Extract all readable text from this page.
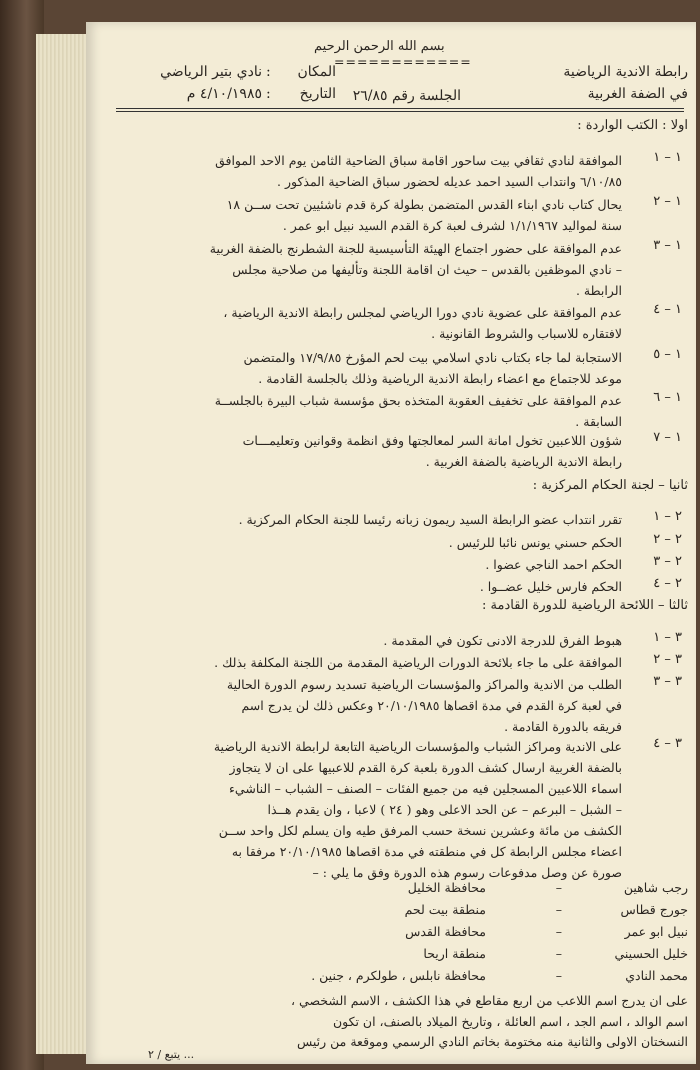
بسم الله الرحمن الرحيم
============
رابطة الاندية الرياضية
في الضفة الغربية
الجلسة رقم ٢٦/٨٥
المكان
:
نادي بتير الرياضي
التاريخ
:
٤/١٠/١٩٨٥ م
اولا : الكتب الواردة :
١ – ١
الموافقة لنادي ثقافي بيت ساحور اقامة سباق الضاحية الثامن يوم الاحد الموافق
٦/١٠/٨٥ وانتداب السيد احمد عديله لحضور سباق الضاحية المذكور .
١ – ٢
يحال كتاب نادي ابناء القدس المتضمن بطولة كرة قدم ناشئيين تحت ســن ١٨
سنة لمواليد ١/١/١٩٦٧ لشرف لعبة كرة القدم السيد نبيل ابو عمر .
١ – ٣
عدم الموافقة على حضور اجتماع الهيئة التأسيسية للجنة الشطرنج بالضفة الغربية
– نادي الموظفين بالقدس – حيث ان اقامة اللجنة وتأليفها من صلاحية مجلس
الرابطة .
١ – ٤
عدم الموافقة على عضوية نادي دورا الرياضي لمجلس رابطة الاندية الرياضية ،
لافتقاره للاسباب والشروط القانونية .
١ – ٥
الاستجابة لما جاء بكتاب نادي اسلامي بيت لحم المؤرخ ١٧/٩/٨٥ والمتضمن
موعد للاجتماع مع اعضاء رابطة الاندية الرياضية وذلك بالجلسة القادمة .
١ – ٦
عدم الموافقة على تخفيف العقوبة المتخذه بحق مؤسسة شباب البيرة بالجلســة
السابقة .
١ – ٧
شؤون اللاعبين تخول امانة السر لمعالجتها وفق انظمة وقوانين وتعليمـــات
رابطة الاندية الرياضية بالضفة الغربية .
ثانيا – لجنة الحكام المركزية :
٢ – ١
تقرر انتداب عضو الرابطة السيد ريمون زبانه رئيسا للجنة الحكام المركزية .
٢ – ٢
الحكم حسني يونس نائبا للرئيس .
٢ – ٣
الحكم احمد الناجي عضوا .
٢ – ٤
الحكم فارس خليل عضــوا .
ثالثا – اللائحة الرياضية للدورة القادمة :
٣ – ١
هبوط الفرق للدرجة الادنى تكون في المقدمة .
٣ – ٢
الموافقة على ما جاء بلائحة الدورات الرياضية المقدمة من اللجنة المكلفة بذلك .
٣ – ٣
الطلب من الاندية والمراكز والمؤسسات الرياضية تسديد رسوم الدورة الحالية
في لعبة كرة القدم في مدة اقصاها ٢٠/١٠/١٩٨٥ وعكس ذلك لن يدرج اسم
فريقه بالدورة القادمة .
٣ – ٤
على الاندية ومراكز الشباب والمؤسسات الرياضية التابعة لرابطة الاندية الرياضية
بالضفة الغربية ارسال كشف الدورة بلعبة كرة القدم للاعبيها على ان لا يتجاوز
اسماء اللاعبين المسجلين فيه من جميع الفئات – الصنف – الشباب – الناشيء
– الشبل – البرعم – عن الحد الاعلى وهو ( ٢٤ ) لاعبا ، وان يقدم هــذا
الكشف من مائة وعشرين نسخة حسب المرفق طيه وان يسلم لكل واحد ســن
اعضاء مجلس الرابطة كل في منطقته في مدة اقصاها ٢٠/١٠/١٩٨٥ مرفقا به
صورة عن وصل مدفوعات رسوم هذه الدورة وفق ما يلي : –
رجب شاهين
–
محافظة الخليل
جورج قطاس
–
منطقة بيت لحم
نبيل ابو عمر
–
محافظة القدس
خليل الحسيني
–
منطقة اريحا
محمد النادي
–
محافظة نابلس ، طولكرم ، جنين .
على ان يدرج اسم اللاعب من اربع مقاطع في هذا الكشف ، الاسم الشخصي ،
اسم الوالد ، اسم الجد ، اسم العائلة ، وتاريخ الميلاد بالصنف، ان تكون
النسختان الاولى والثانية منه مختومة بخاتم النادي الرسمي وموقعة من رئيس
يتبع / ٢ ...
